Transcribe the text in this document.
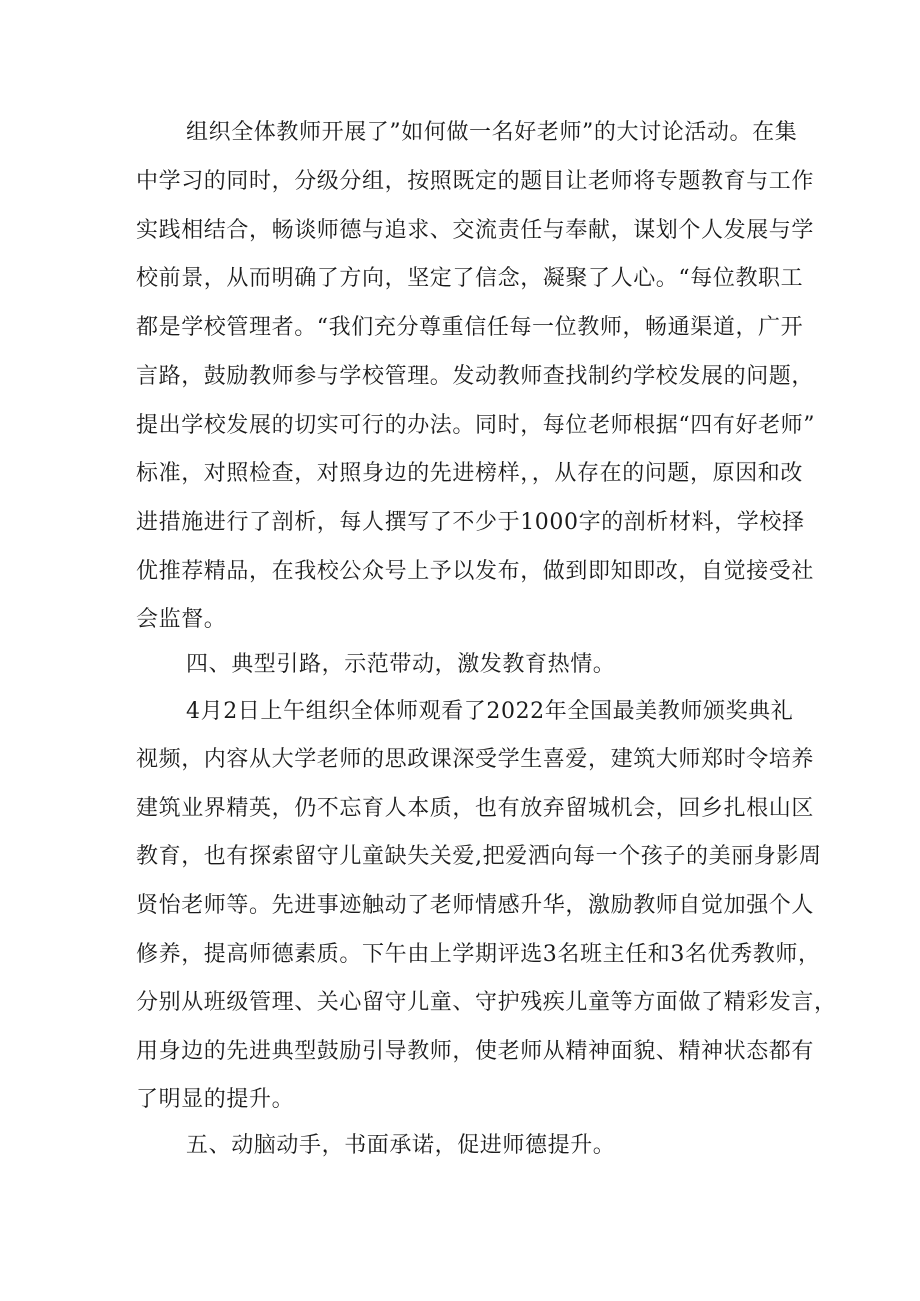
组织全体教师开展了”如何做一名好老师”的大讨论活动。在集

中学习的同时，分级分组，按照既定的题目让老师将专题教育与工作

实践相结合，畅谈师德与追求、交流责任与奉献，谋划个人发展与学

校前景，从而明确了方向，坚定了信念，凝聚了人心。“每位教职工

都是学校管理者。“我们充分尊重信任每一位教师，畅通渠道，广开

言路，鼓励教师参与学校管理。发动教师查找制约学校发展的问题，

提出学校发展的切实可行的办法。同时，每位老师根据“四有好老师”

标准，对照检查，对照身边的先进榜样，，从存在的问题，原因和改

进措施进行了剖析，每人撰写了不少于1000字的剖析材料，学校择

优推荐精品，在我校公众号上予以发布，做到即知即改，自觉接受社

会监督。

四、典型引路，示范带动，激发教育热情。

4月2日上午组织全体师观看了2022年全国最美教师颁奖典礼

视频，内容从大学老师的思政课深受学生喜爱，建筑大师郑时令培养

建筑业界精英，仍不忘育人本质，也有放弃留城机会，回乡扎根山区

教育，也有探索留守儿童缺失关爱,把爱洒向每一个孩子的美丽身影周

贤怡老师等。先进事迹触动了老师情感升华，激励教师自觉加强个人

修养，提高师德素质。下午由上学期评选3名班主任和3名优秀教师，

分别从班级管理、关心留守儿童、守护残疾儿童等方面做了精彩发言，

用身边的先进典型鼓励引导教师，使老师从精神面貌、精神状态都有

了明显的提升。

五、动脑动手，书面承诺，促进师德提升。
